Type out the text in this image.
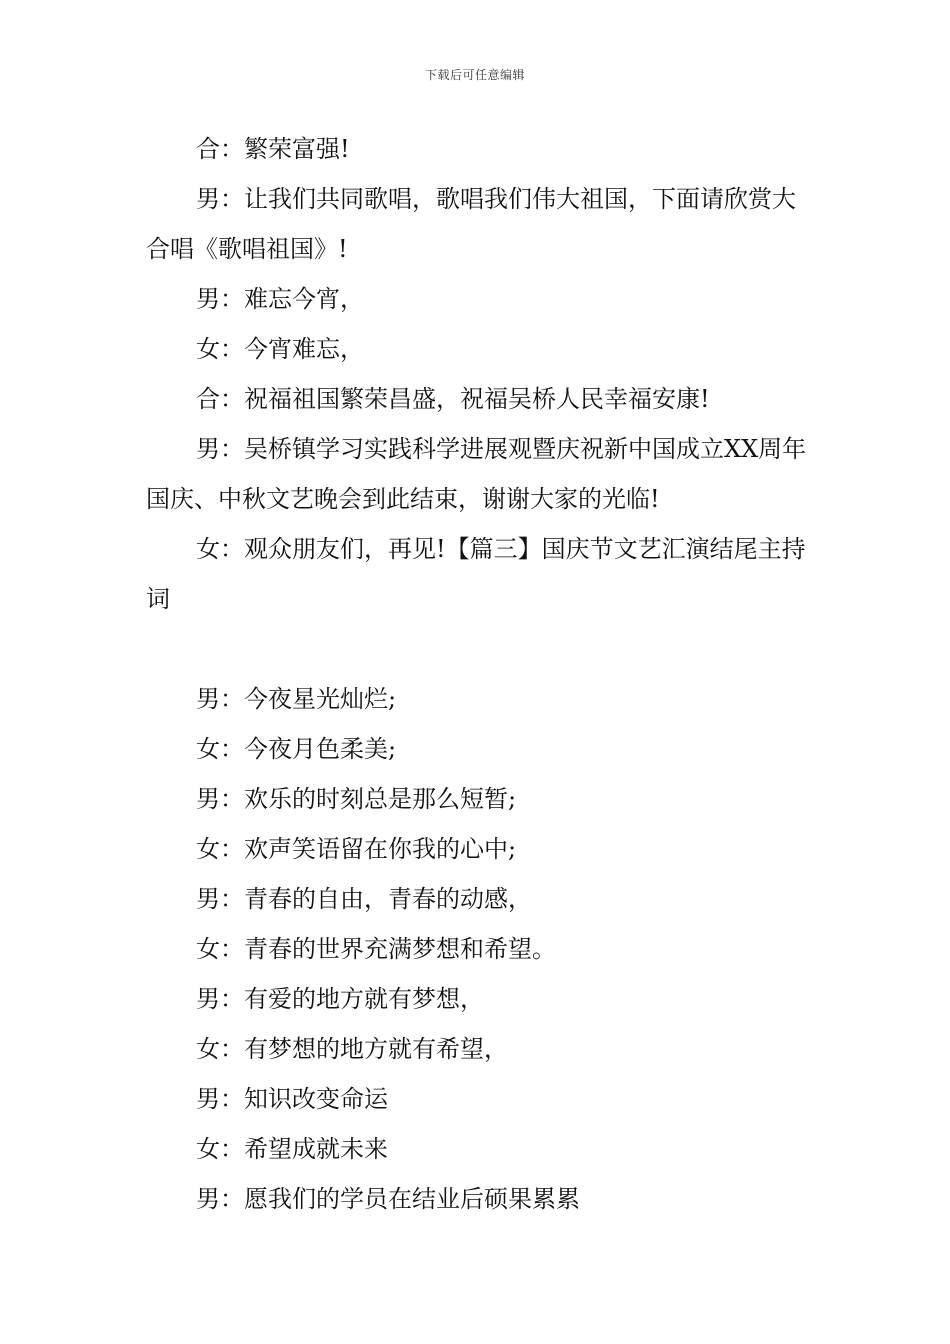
下载后可任意编辑

合：繁荣富强!

男：让我们共同歌唱，歌唱我们伟大祖国，下面请欣赏大合唱《歌唱祖国》!

男：难忘今宵，

女：今宵难忘，

合：祝福祖国繁荣昌盛，祝福吴桥人民幸福安康!

男：吴桥镇学习实践科学进展观暨庆祝新中国成立XX周年国庆、中秋文艺晚会到此结束，谢谢大家的光临!

女：观众朋友们，再见!【篇三】国庆节文艺汇演结尾主持词

男：今夜星光灿烂;

女：今夜月色柔美;

男：欢乐的时刻总是那么短暂;

女：欢声笑语留在你我的心中;

男：青春的自由，青春的动感，

女：青春的世界充满梦想和希望。

男：有爱的地方就有梦想，

女：有梦想的地方就有希望，

男：知识改变命运

女：希望成就未来

男：愿我们的学员在结业后硕果累累
